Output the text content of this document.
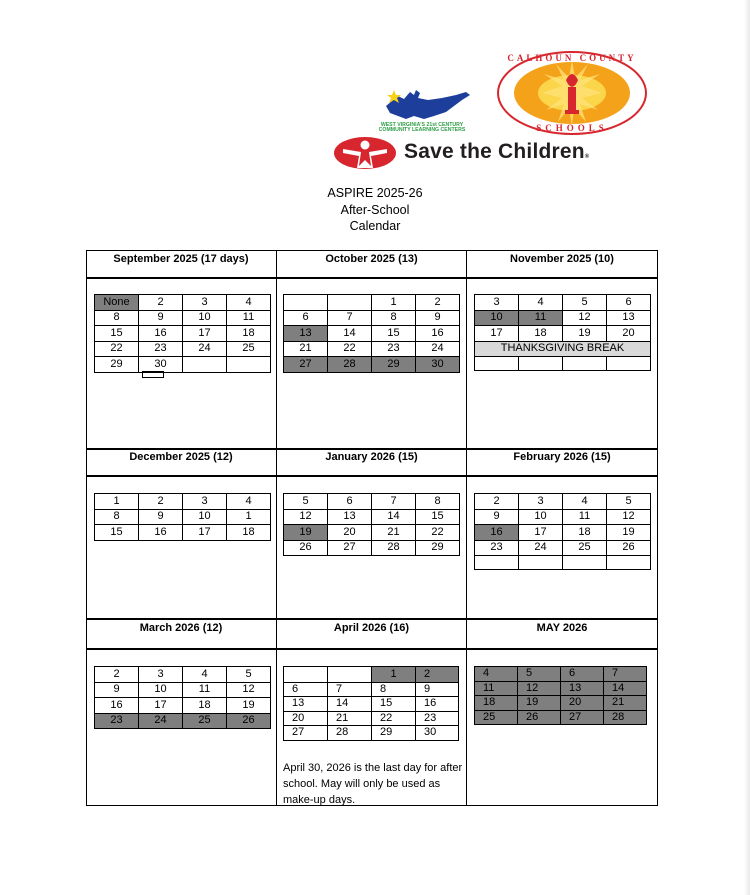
WEST VIRGINIA'S 21st CENTURY
COMMUNITY LEARNING CENTERS
CALHOUN COUNTY
SCHOOLS
Save the Children®
ASPIRE 2025-26
After-School
Calendar
September 2025 (17 days)	October 2025 (13)	November 2025 (10)
December 2025 (12)	January 2026 (15)	February 2026 (15)
March 2026 (12)	April 2026 (16)	MAY 2026
None	2	3	4
8	9	10	11
15	16	17	18
22	23	24	25
29	30		
		1	2
6	7	8	9
13	14	15	16
21	22	23	24
27	28	29	30
3	4	5	6
10	11	12	13
17	18	19	20
THANKSGIVING BREAK			

1	2	3	4
8	9	10	1
15	16	17	18
5	6	7	8
12	13	14	15
19	20	21	22
26	27	28	29
2	3	4	5
9	10	11	12
16	17	18	19
23	24	25	26

2	3	4	5
9	10	11	12
16	17	18	19
23	24	25	26
		1	2
6	7	8	9
13	14	15	16
20	21	22	23
27	28	29	30
April 30, 2026 is the last day for after school. May will only be used as make-up days.
4	5	6	7
11	12	13	14
18	19	20	21
25	26	27	28
